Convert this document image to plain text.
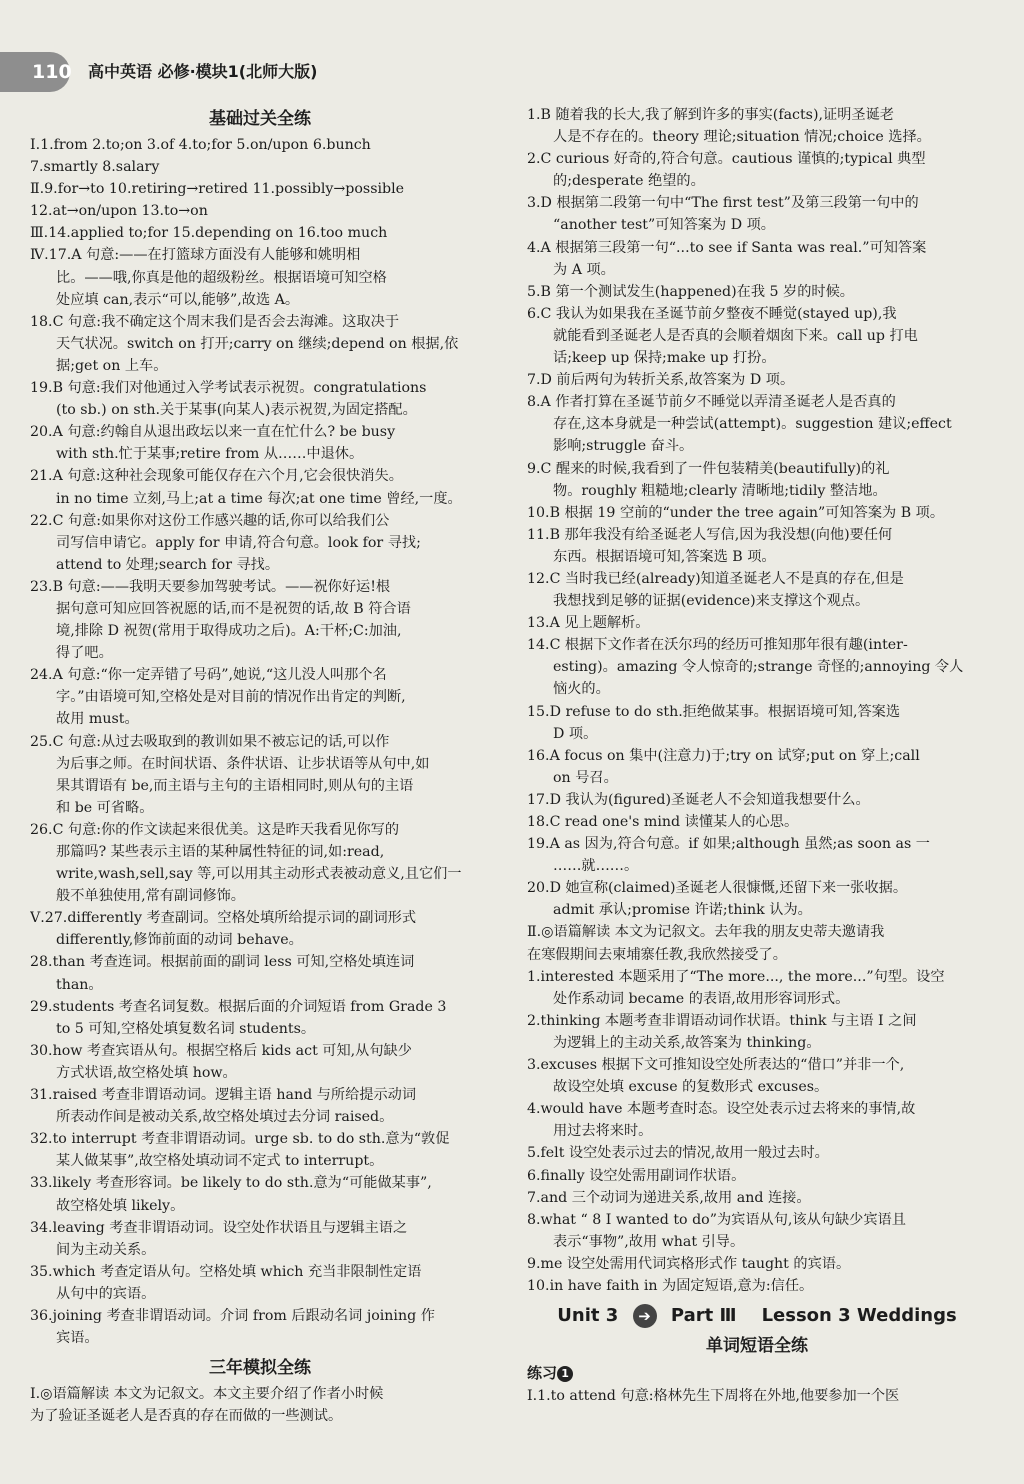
110 高中英语 必修·模块1(北师大版)
基础过关全练
Ⅰ.1.from 2.to;on 3.of 4.to;for 5.on/upon 6.bunch
7.smartly 8.salary
Ⅱ.9.for→to 10.retiring→retired 11.possibly→possible
12.at→on/upon 13.to→on
Ⅲ.14.applied to;for 15.depending on 16.too much
Ⅳ.17.A 句意:——在打篮球方面没有人能够和姚明相
比。——哦,你真是他的超级粉丝。根据语境可知空格
处应填 can,表示“可以,能够”,故选 A。
18.C 句意:我不确定这个周末我们是否会去海滩。这取决于
天气状况。switch on 打开;carry on 继续;depend on 根据,依
据;get on 上车。
19.B 句意:我们对他通过入学考试表示祝贺。congratulations
(to sb.) on sth.关于某事(向某人)表示祝贺,为固定搭配。
20.A 句意:约翰自从退出政坛以来一直在忙什么? be busy
with sth.忙于某事;retire from 从……中退休。
21.A 句意:这种社会现象可能仅存在六个月,它会很快消失。
in no time 立刻,马上;at a time 每次;at one time 曾经,一度。
22.C 句意:如果你对这份工作感兴趣的话,你可以给我们公
司写信申请它。apply for 申请,符合句意。look for 寻找;
attend to 处理;search for 寻找。
23.B 句意:——我明天要参加驾驶考试。——祝你好运!根
据句意可知应回答祝愿的话,而不是祝贺的话,故 B 符合语
境,排除 D 祝贺(常用于取得成功之后)。A:干杯;C:加油,
得了吧。
24.A 句意:“你一定弄错了号码”,她说,“这儿没人叫那个名
字。”由语境可知,空格处是对目前的情况作出肯定的判断,
故用 must。
25.C 句意:从过去吸取到的教训如果不被忘记的话,可以作
为后事之师。在时间状语、条件状语、让步状语等从句中,如
果其谓语有 be,而主语与主句的主语相同时,则从句的主语
和 be 可省略。
26.C 句意:你的作文读起来很优美。这是昨天我看见你写的
那篇吗? 某些表示主语的某种属性特征的词,如:read,
write,wash,sell,say 等,可以用其主动形式表被动意义,且它们一
般不单独使用,常有副词修饰。
Ⅴ.27.differently 考查副词。空格处填所给提示词的副词形式
differently,修饰前面的动词 behave。
28.than 考查连词。根据前面的副词 less 可知,空格处填连词
than。
29.students 考查名词复数。根据后面的介词短语 from Grade 3
to 5 可知,空格处填复数名词 students。
30.how 考查宾语从句。根据空格后 kids act 可知,从句缺少
方式状语,故空格处填 how。
31.raised 考查非谓语动词。逻辑主语 hand 与所给提示动词
所表动作间是被动关系,故空格处填过去分词 raised。
32.to interrupt 考查非谓语动词。urge sb. to do sth.意为“敦促
某人做某事”,故空格处填动词不定式 to interrupt。
33.likely 考查形容词。be likely to do sth.意为“可能做某事”,
故空格处填 likely。
34.leaving 考查非谓语动词。设空处作状语且与逻辑主语之
间为主动关系。
35.which 考查定语从句。空格处填 which 充当非限制性定语
从句中的宾语。
36.joining 考查非谓语动词。介词 from 后跟动名词 joining 作
宾语。
三年模拟全练
Ⅰ.◎语篇解读 本文为记叙文。本文主要介绍了作者小时候
为了验证圣诞老人是否真的存在而做的一些测试。
1.B 随着我的长大,我了解到许多的事实(facts),证明圣诞老
人是不存在的。theory 理论;situation 情况;choice 选择。
2.C curious 好奇的,符合句意。cautious 谨慎的;typical 典型
的;desperate 绝望的。
3.D 根据第二段第一句中“The first test”及第三段第一句中的
“another test”可知答案为 D 项。
4.A 根据第三段第一句“...to see if Santa was real.”可知答案
为 A 项。
5.B 第一个测试发生(happened)在我 5 岁的时候。
6.C 我认为如果我在圣诞节前夕整夜不睡觉(stayed up),我
就能看到圣诞老人是否真的会顺着烟囱下来。call up 打电
话;keep up 保持;make up 打扮。
7.D 前后两句为转折关系,故答案为 D 项。
8.A 作者打算在圣诞节前夕不睡觉以弄清圣诞老人是否真的
存在,这本身就是一种尝试(attempt)。suggestion 建议;effect
影响;struggle 奋斗。
9.C 醒来的时候,我看到了一件包装精美(beautifully)的礼
物。roughly 粗糙地;clearly 清晰地;tidily 整洁地。
10.B 根据 19 空前的“under the tree again”可知答案为 B 项。
11.B 那年我没有给圣诞老人写信,因为我没想(向他)要任何
东西。根据语境可知,答案选 B 项。
12.C 当时我已经(already)知道圣诞老人不是真的存在,但是
我想找到足够的证据(evidence)来支撑这个观点。
13.A 见上题解析。
14.C 根据下文作者在沃尔玛的经历可推知那年很有趣(inter-
esting)。amazing 令人惊奇的;strange 奇怪的;annoying 令人
恼火的。
15.D refuse to do sth.拒绝做某事。根据语境可知,答案选
D 项。
16.A focus on 集中(注意力)于;try on 试穿;put on 穿上;call
on 号召。
17.D 我认为(figured)圣诞老人不会知道我想要什么。
18.C read one's mind 读懂某人的心思。
19.A as 因为,符合句意。if 如果;although 虽然;as soon as 一
……就……。
20.D 她宣称(claimed)圣诞老人很慷慨,还留下来一张收据。
admit 承认;promise 许诺;think 认为。
Ⅱ.◎语篇解读 本文为记叙文。去年我的朋友史蒂夫邀请我
在寒假期间去柬埔寨任教,我欣然接受了。
1.interested 本题采用了“The more..., the more...”句型。设空
处作系动词 became 的表语,故用形容词形式。
2.thinking 本题考查非谓语动词作状语。think 与主语 I 之间
为逻辑上的主动关系,故答案为 thinking。
3.excuses 根据下文可推知设空处所表达的“借口”并非一个,
故设空处填 excuse 的复数形式 excuses。
4.would have 本题考查时态。设空处表示过去将来的事情,故
用过去将来时。
5.felt 设空处表示过去的情况,故用一般过去时。
6.finally 设空处需用副词作状语。
7.and 三个动词为递进关系,故用 and 连接。
8.what “ 8 I wanted to do”为宾语从句,该从句缺少宾语且
表示“事物”,故用 what 引导。
9.me 设空处需用代词宾格形式作 taught 的宾语。
10.in have faith in 为固定短语,意为:信任。
Unit 3 ➔ Part Ⅲ Lesson 3 Weddings
单词短语全练
练习 1
Ⅰ.1.to attend 句意:格林先生下周将在外地,他要参加一个医
